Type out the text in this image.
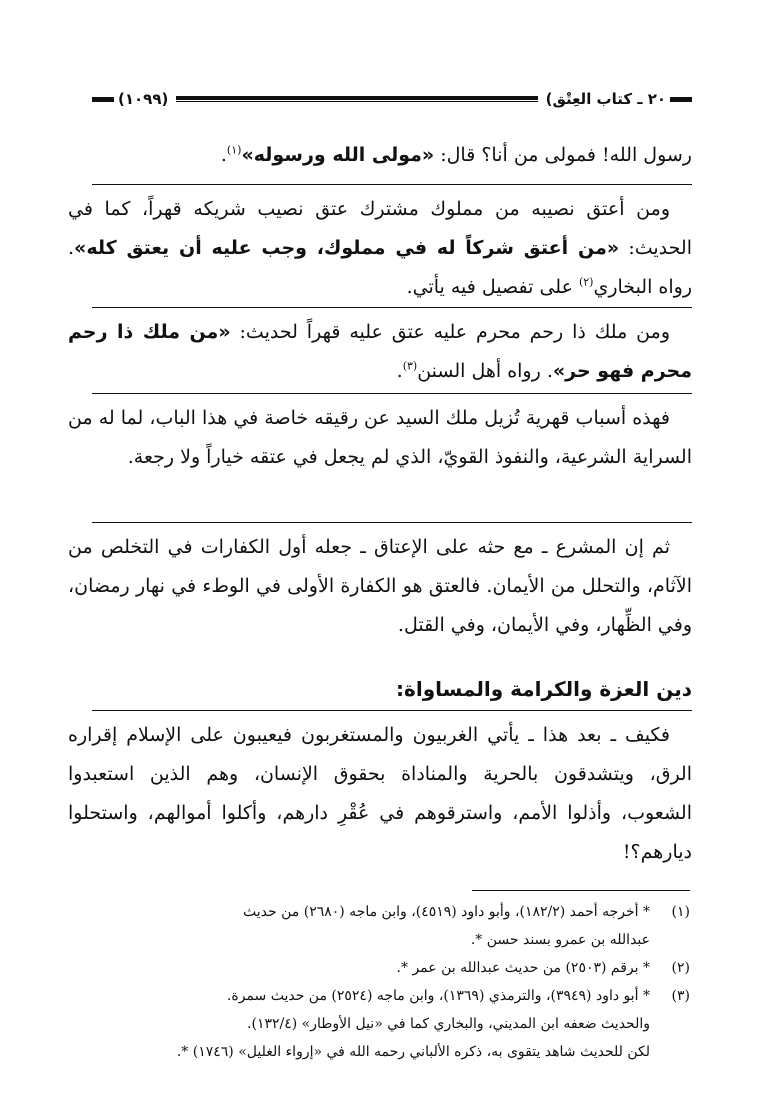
٢٠ ـ كتاب العِتْق)
(١٠٩٩)

رسول الله! فمولى من أنا؟ قال: «مولى الله ورسوله»$^{(١)}$.

ومن أعتق نصيبه من مملوك مشترك عتق نصيب شريكه قهراً، كما في الحديث: «من أعتق شركاً له في مملوك، وجب عليه أن يعتق كله». رواه البخاري$^{(٢)}$ على تفصيل فيه يأتي.

ومن ملك ذا رحم محرم عليه عتق عليه قهراً لحديث: «من ملك ذا رحم محرم فهو حر». رواه أهل السنن$^{(٣)}$.

فهذه أسباب قهرية تُزيل ملك السيد عن رقيقه خاصة في هذا الباب، لما له من السراية الشرعية، والنفوذ القويّ، الذي لم يجعل في عتقه خياراً ولا رجعة.

ثم إن المشرع ـ مع حثه على الإعتاق ـ جعله أول الكفارات في التخلص من الآثام، والتحلل من الأيمان. فالعتق هو الكفارة الأولى في الوطء في نهار رمضان، وفي الظِّهار، وفي الأيمان، وفي القتل.

دين العزة والكرامة والمساواة:

فكيف ـ بعد هذا ـ يأتي الغربيون والمستغربون فيعيبون على الإسلام إقراره الرق، ويتشدقون بالحرية والمناداة بحقوق الإنسان، وهم الذين استعبدوا الشعوب، وأذلوا الأمم، واسترقوهم في عُقْرِ دارهم، وأكلوا أموالهم، واستحلوا ديارهم؟!

(١)
* أخرجه أحمد (١٨٢/٢)، وأبو داود (٤٥١٩)، وابن ماجه (٢٦٨٠) من حديث
عبدالله بن عمرو بسند حسن *.
(٢)
* برقم (٢٥٠٣) من حديث عبدالله بن عمر *.
(٣)
* أبو داود (٣٩٤٩)، والترمذي (١٣٦٩)، وابن ماجه (٢٥٢٤) من حديث سمرة.
والحديث ضعفه ابن المديني، والبخاري كما في «نيل الأوطار» (١٣٢/٤).
لكن للحديث شاهد يتقوى به، ذكره الألباني رحمه الله في «إرواء الغليل» (١٧٤٦) *.
